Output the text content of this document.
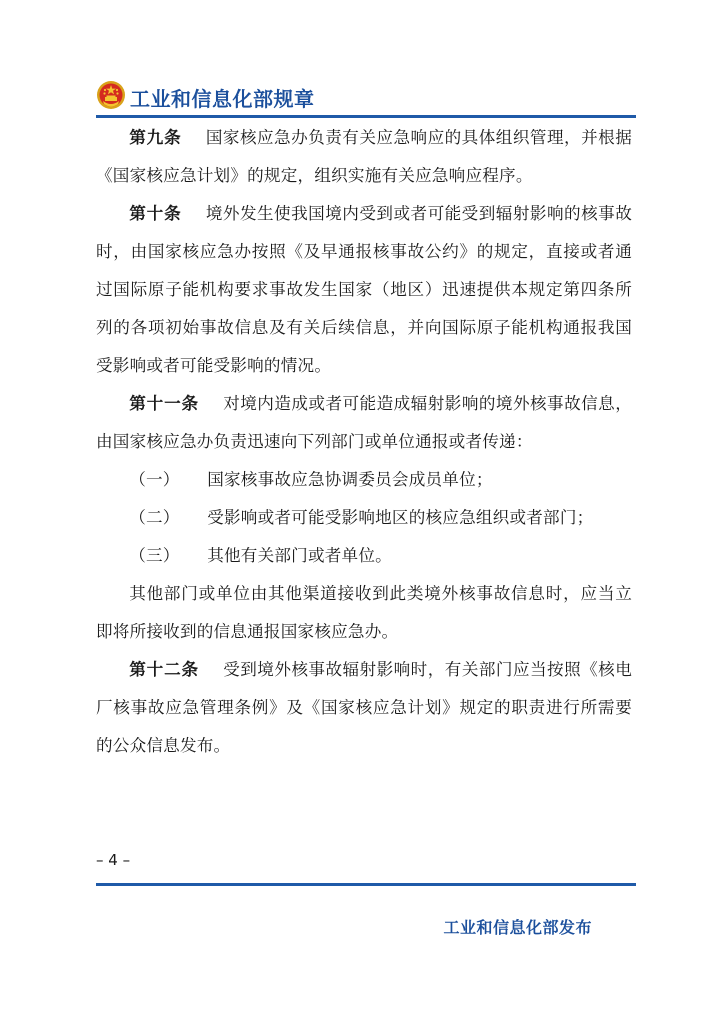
工业和信息化部规章

第九条 国家核应急办负责有关应急响应的具体组织管理，并根据《国家核应急计划》的规定，组织实施有关应急响应程序。

第十条 境外发生使我国境内受到或者可能受到辐射影响的核事故时，由国家核应急办按照《及早通报核事故公约》的规定，直接或者通过国际原子能机构要求事故发生国家（地区）迅速提供本规定第四条所列的各项初始事故信息及有关后续信息，并向国际原子能机构通报我国受影响或者可能受影响的情况。

第十一条 对境内造成或者可能造成辐射影响的境外核事故信息，由国家核应急办负责迅速向下列部门或单位通报或者传递：

（一） 国家核事故应急协调委员会成员单位；

（二） 受影响或者可能受影响地区的核应急组织或者部门；

（三） 其他有关部门或者单位。

其他部门或单位由其他渠道接收到此类境外核事故信息时，应当立即将所接收到的信息通报国家核应急办。

第十二条 受到境外核事故辐射影响时，有关部门应当按照《核电厂核事故应急管理条例》及《国家核应急计划》规定的职责进行所需要的公众信息发布。

– 4 –
工业和信息化部发布
